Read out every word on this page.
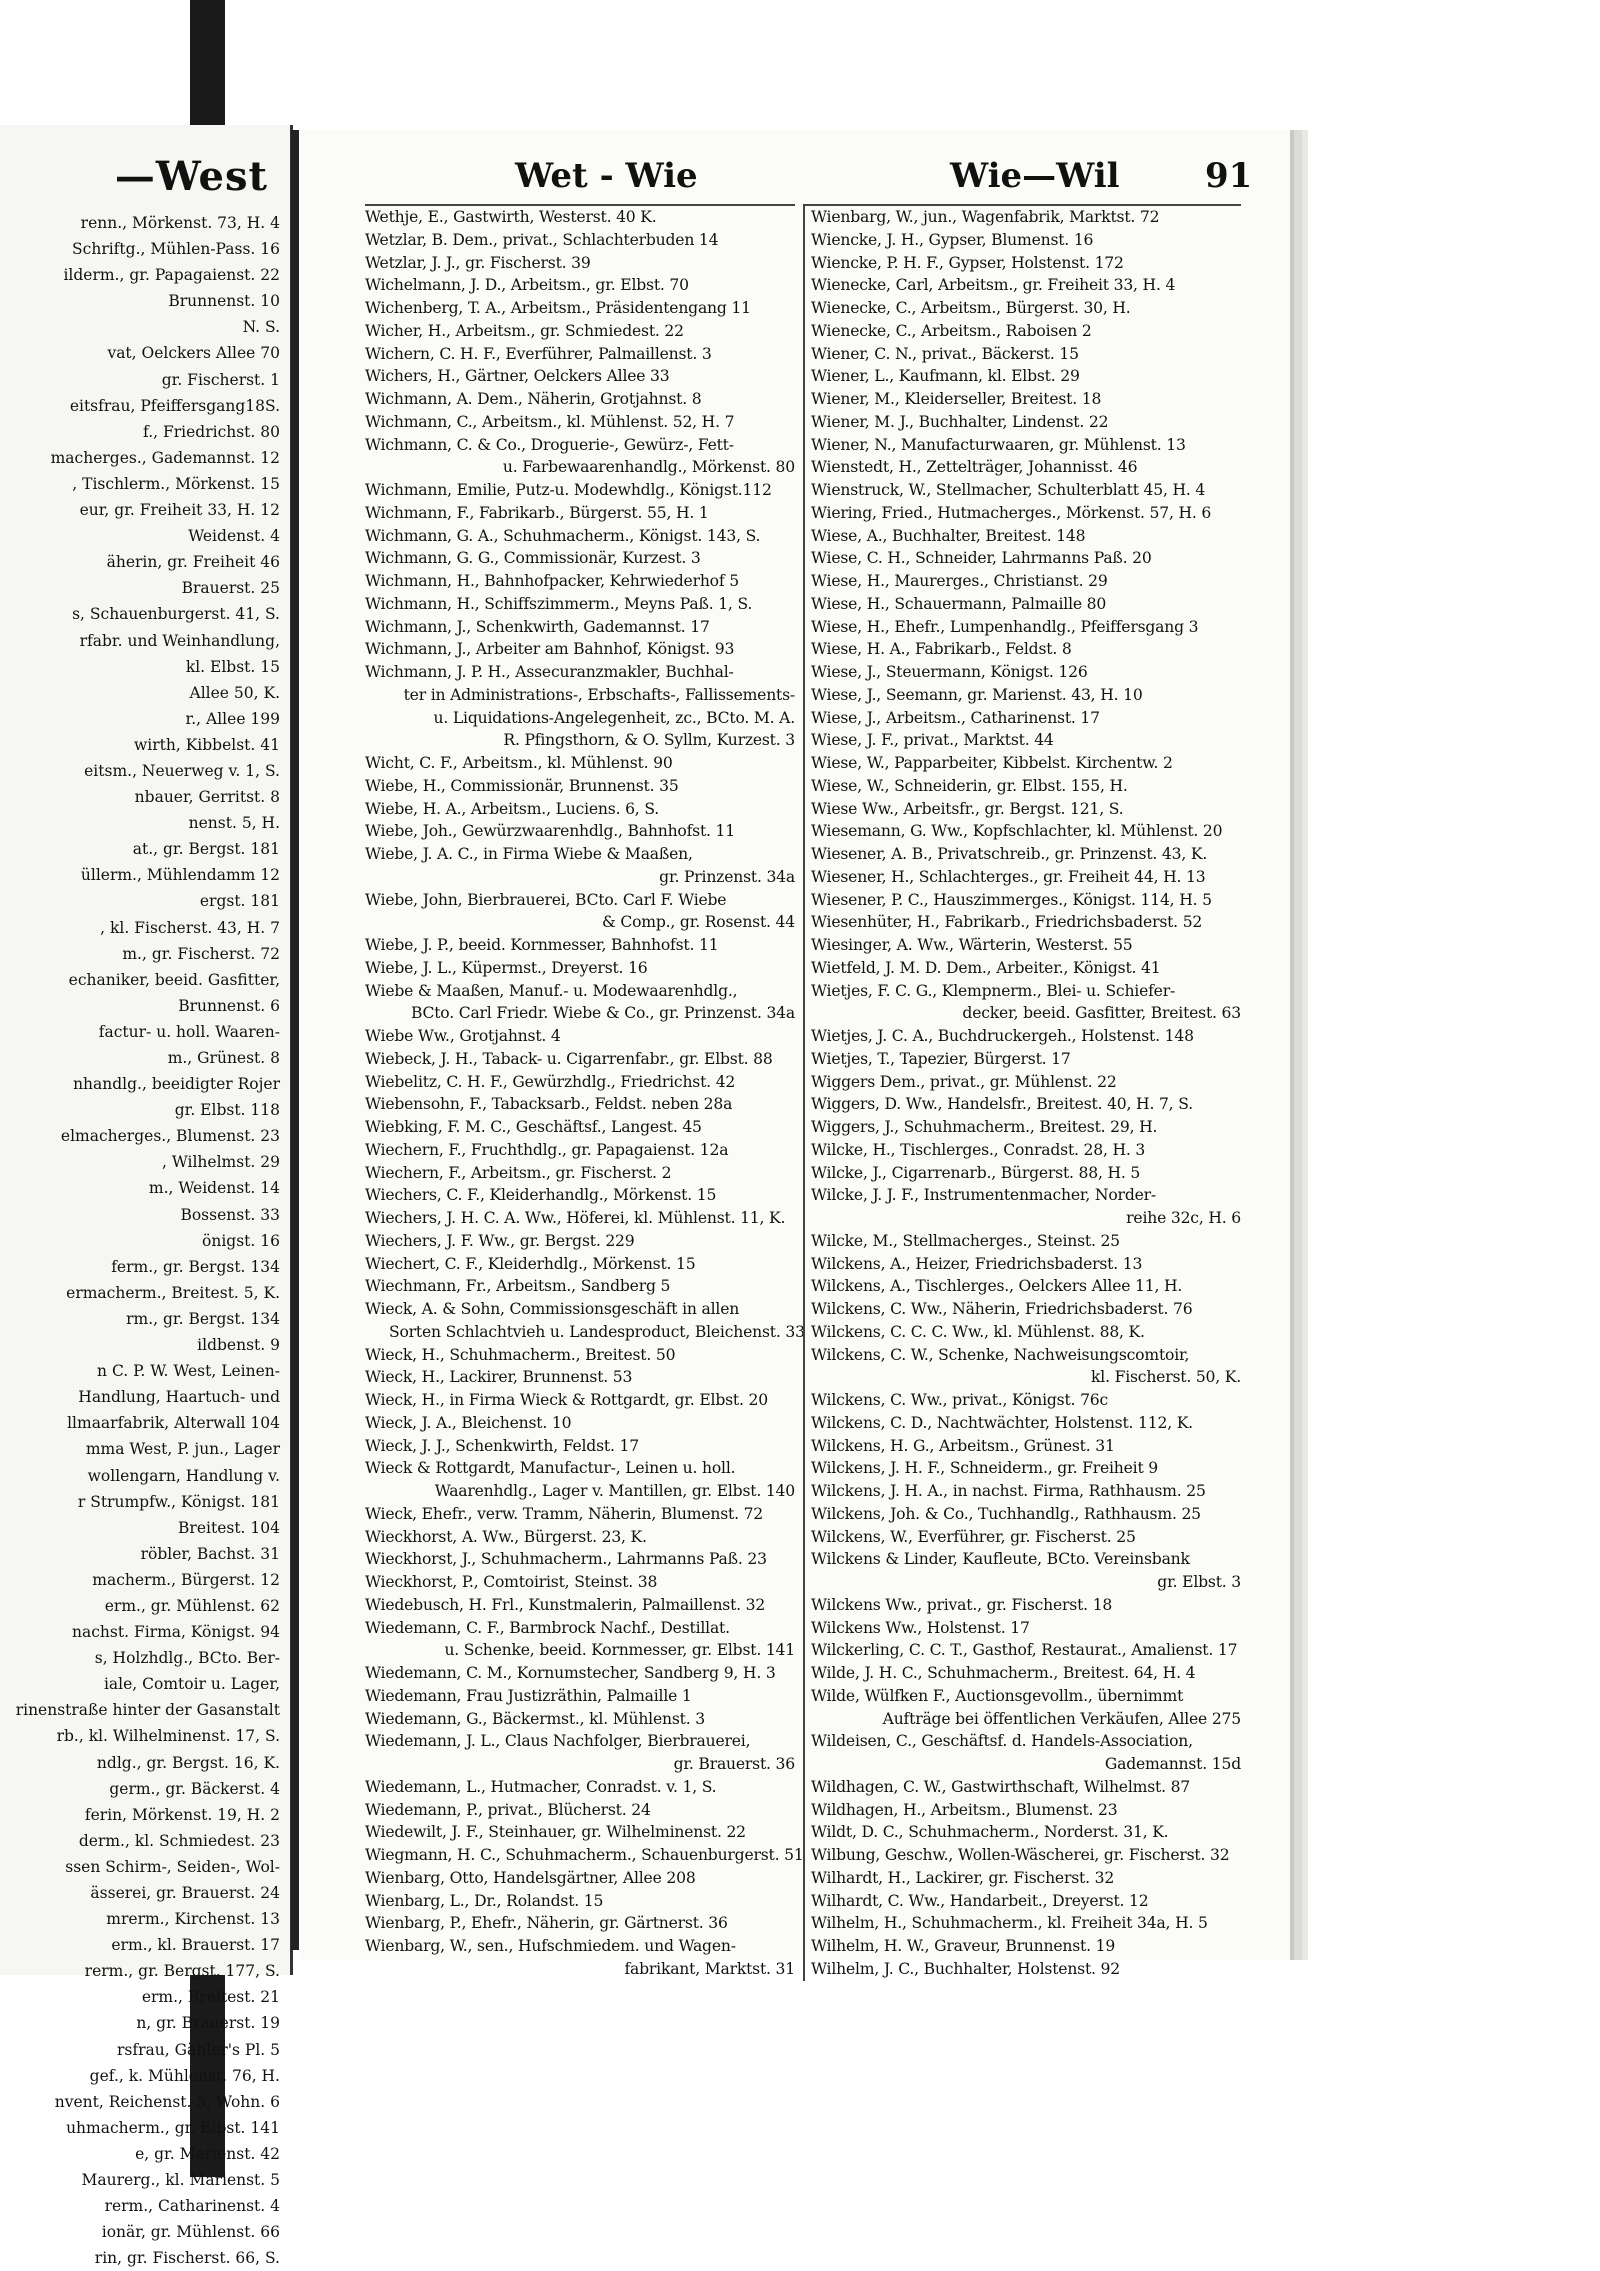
—West
renn., Mörkenst. 73, H. 4
Schriftg., Mühlen-Pass. 16
ilderm., gr. Papagaienst. 22
Brunnenst. 10
N. S.
vat, Oelckers Allee 70
gr. Fischerst. 1
eitsfrau, Pfeiffersgang18S.
f., Friedrichst. 80
macherges., Gademannst. 12
, Tischlerm., Mörkenst. 15
eur, gr. Freiheit 33, H. 12
Weidenst. 4
äherin, gr. Freiheit 46
Brauerst. 25
s, Schauenburgerst. 41, S.
rfabr. und Weinhandlung,
kl. Elbst. 15
Allee 50, K.
r., Allee 199
wirth, Kibbelst. 41
eitsm., Neuerweg v. 1, S.
nbauer, Gerritst. 8
nenst. 5, H.
at., gr. Bergst. 181
üllerm., Mühlendamm 12
ergst. 181
, kl. Fischerst. 43, H. 7
m., gr. Fischerst. 72
echaniker, beeid. Gasfitter,
Brunnenst. 6
factur- u. holl. Waaren-
m., Grünest. 8
nhandlg., beeidigter Rojer
gr. Elbst. 118
elmacherges., Blumenst. 23
, Wilhelmst. 29
m., Weidenst. 14
Bossenst. 33
önigst. 16
ferm., gr. Bergst. 134
ermacherm., Breitest. 5, K.
rm., gr. Bergst. 134
ildbenst. 9
n C. P. W. West, Leinen-
Handlung, Haartuch- und
llmaarfabrik, Alterwall 104
mma West, P. jun., Lager
wollengarn, Handlung v.
r Strumpfw., Königst. 181
Breitest. 104
röbler, Bachst. 31
macherm., Bürgerst. 12
erm., gr. Mühlenst. 62
nachst. Firma, Königst. 94
s, Holzhdlg., BCto. Ber-
iale, Comtoir u. Lager,
rinenstraße hinter der Gasanstalt
rb., kl. Wilhelminenst. 17, S.
ndlg., gr. Bergst. 16, K.
germ., gr. Bäckerst. 4
ferin, Mörkenst. 19, H. 2
derm., kl. Schmiedest. 23
ssen Schirm-, Seiden-, Wol-
ässerei, gr. Brauerst. 24
mrerm., Kirchenst. 13
erm., kl. Brauerst. 17
rerm., gr. Bergst. 177, S.
erm., Breitest. 21
n, gr. Brauerst. 19
rsfrau, Gähler's Pl. 5
gef., k. Mühlenst. 76, H.
nvent, Reichenst. 5, Wohn. 6
uhmacherm., gr. Elbst. 141
e, gr. Marienst. 42
Maurerg., kl. Marienst. 5
rerm., Catharinenst. 4
ionär, gr. Mühlenst. 66
rin, gr. Fischerst. 66, S.
Wet - Wie	Wie—Wil	91
Wethje, E., Gastwirth, Westerst. 40 K.
Wetzlar, B. Dem., privat., Schlachterbuden 14
Wetzlar, J. J., gr. Fischerst. 39
Wichelmann, J. D., Arbeitsm., gr. Elbst. 70
Wichenberg, T. A., Arbeitsm., Präsidentengang 11
Wicher, H., Arbeitsm., gr. Schmiedest. 22
Wichern, C. H. F., Everführer, Palmaillenst. 3
Wichers, H., Gärtner, Oelckers Allee 33
Wichmann, A. Dem., Näherin, Grotjahnst. 8
Wichmann, C., Arbeitsm., kl. Mühlenst. 52, H. 7
Wichmann, C. & Co., Droguerie-, Gewürz-, Fett-
u. Farbewaarenhandlg., Mörkenst. 80
Wichmann, Emilie, Putz-u. Modewhdlg., Königst.112
Wichmann, F., Fabrikarb., Bürgerst. 55, H. 1
Wichmann, G. A., Schuhmacherm., Königst. 143, S.
Wichmann, G. G., Commissionär, Kurzest. 3
Wichmann, H., Bahnhofpacker, Kehrwiederhof 5
Wichmann, H., Schiffszimmerm., Meyns Paß. 1, S.
Wichmann, J., Schenkwirth, Gademannst. 17
Wichmann, J., Arbeiter am Bahnhof, Königst. 93
Wichmann, J. P. H., Assecuranzmakler, Buchhal-
ter in Administrations-, Erbschafts-, Fallissements-
u. Liquidations-Angelegenheit, zc., BCto. M. A.
R. Pfingsthorn, & O. Syllm, Kurzest. 3
Wicht, C. F., Arbeitsm., kl. Mühlenst. 90
Wiebe, H., Commissionär, Brunnenst. 35
Wiebe, H. A., Arbeitsm., Luciens. 6, S.
Wiebe, Joh., Gewürzwaarenhdlg., Bahnhofst. 11
Wiebe, J. A. C., in Firma Wiebe & Maaßen,
gr. Prinzenst. 34a
Wiebe, John, Bierbrauerei, BCto. Carl F. Wiebe
& Comp., gr. Rosenst. 44
Wiebe, J. P., beeid. Kornmesser, Bahnhofst. 11
Wiebe, J. L., Küpermst., Dreyerst. 16
Wiebe & Maaßen, Manuf.- u. Modewaarenhdlg.,
BCto. Carl Friedr. Wiebe & Co., gr. Prinzenst. 34a
Wiebe Ww., Grotjahnst. 4
Wiebeck, J. H., Taback- u. Cigarrenfabr., gr. Elbst. 88
Wiebelitz, C. H. F., Gewürzhdlg., Friedrichst. 42
Wiebensohn, F., Tabacksarb., Feldst. neben 28a
Wiebking, F. M. C., Geschäftsf., Langest. 45
Wiechern, F., Fruchthdlg., gr. Papagaienst. 12a
Wiechern, F., Arbeitsm., gr. Fischerst. 2
Wiechers, C. F., Kleiderhandlg., Mörkenst. 15
Wiechers, J. H. C. A. Ww., Höferei, kl. Mühlenst. 11, K.
Wiechers, J. F. Ww., gr. Bergst. 229
Wiechert, C. F., Kleiderhdlg., Mörkenst. 15
Wiechmann, Fr., Arbeitsm., Sandberg 5
Wieck, A. & Sohn, Commissionsgeschäft in allen
Sorten Schlachtvieh u. Landesproduct, Bleichenst. 33
Wieck, H., Schuhmacherm., Breitest. 50
Wieck, H., Lackirer, Brunnenst. 53
Wieck, H., in Firma Wieck & Rottgardt, gr. Elbst. 20
Wieck, J. A., Bleichenst. 10
Wieck, J. J., Schenkwirth, Feldst. 17
Wieck & Rottgardt, Manufactur-, Leinen u. holl.
Waarenhdlg., Lager v. Mantillen, gr. Elbst. 140
Wieck, Ehefr., verw. Tramm, Näherin, Blumenst. 72
Wieckhorst, A. Ww., Bürgerst. 23, K.
Wieckhorst, J., Schuhmacherm., Lahrmanns Paß. 23
Wieckhorst, P., Comtoirist, Steinst. 38
Wiedebusch, H. Frl., Kunstmalerin, Palmaillenst. 32
Wiedemann, C. F., Barmbrock Nachf., Destillat.
u. Schenke, beeid. Kornmesser, gr. Elbst. 141
Wiedemann, C. M., Kornumstecher, Sandberg 9, H. 3
Wiedemann, Frau Justizräthin, Palmaille 1
Wiedemann, G., Bäckermst., kl. Mühlenst. 3
Wiedemann, J. L., Claus Nachfolger, Bierbrauerei,
gr. Brauerst. 36
Wiedemann, L., Hutmacher, Conradst. v. 1, S.
Wiedemann, P., privat., Blücherst. 24
Wiedewilt, J. F., Steinhauer, gr. Wilhelminenst. 22
Wiegmann, H. C., Schuhmacherm., Schauenburgerst. 51
Wienbarg, Otto, Handelsgärtner, Allee 208
Wienbarg, L., Dr., Rolandst. 15
Wienbarg, P., Ehefr., Näherin, gr. Gärtnerst. 36
Wienbarg, W., sen., Hufschmiedem. und Wagen-
fabrikant, Marktst. 31
Wienbarg, W., jun., Wagenfabrik, Marktst. 72
Wiencke, J. H., Gypser, Blumenst. 16
Wiencke, P. H. F., Gypser, Holstenst. 172
Wienecke, Carl, Arbeitsm., gr. Freiheit 33, H. 4
Wienecke, C., Arbeitsm., Bürgerst. 30, H.
Wienecke, C., Arbeitsm., Raboisen 2
Wiener, C. N., privat., Bäckerst. 15
Wiener, L., Kaufmann, kl. Elbst. 29
Wiener, M., Kleiderseller, Breitest. 18
Wiener, M. J., Buchhalter, Lindenst. 22
Wiener, N., Manufacturwaaren, gr. Mühlenst. 13
Wienstedt, H., Zettelträger, Johannisst. 46
Wienstruck, W., Stellmacher, Schulterblatt 45, H. 4
Wiering, Fried., Hutmacherges., Mörkenst. 57, H. 6
Wiese, A., Buchhalter, Breitest. 148
Wiese, C. H., Schneider, Lahrmanns Paß. 20
Wiese, H., Maurerges., Christianst. 29
Wiese, H., Schauermann, Palmaille 80
Wiese, H., Ehefr., Lumpenhandlg., Pfeiffersgang 3
Wiese, H. A., Fabrikarb., Feldst. 8
Wiese, J., Steuermann, Königst. 126
Wiese, J., Seemann, gr. Marienst. 43, H. 10
Wiese, J., Arbeitsm., Catharinenst. 17
Wiese, J. F., privat., Marktst. 44
Wiese, W., Papparbeiter, Kibbelst. Kirchentw. 2
Wiese, W., Schneiderin, gr. Elbst. 155, H.
Wiese Ww., Arbeitsfr., gr. Bergst. 121, S.
Wiesemann, G. Ww., Kopfschlachter, kl. Mühlenst. 20
Wiesener, A. B., Privatschreib., gr. Prinzenst. 43, K.
Wiesener, H., Schlachterges., gr. Freiheit 44, H. 13
Wiesener, P. C., Hauszimmerges., Königst. 114, H. 5
Wiesenhüter, H., Fabrikarb., Friedrichsbaderst. 52
Wiesinger, A. Ww., Wärterin, Westerst. 55
Wietfeld, J. M. D. Dem., Arbeiter., Königst. 41
Wietjes, F. C. G., Klempnerm., Blei- u. Schiefer-
decker, beeid. Gasfitter, Breitest. 63
Wietjes, J. C. A., Buchdruckergeh., Holstenst. 148
Wietjes, T., Tapezier, Bürgerst. 17
Wiggers Dem., privat., gr. Mühlenst. 22
Wiggers, D. Ww., Handelsfr., Breitest. 40, H. 7, S.
Wiggers, J., Schuhmacherm., Breitest. 29, H.
Wilcke, H., Tischlerges., Conradst. 28, H. 3
Wilcke, J., Cigarrenarb., Bürgerst. 88, H. 5
Wilcke, J. J. F., Instrumentenmacher, Norder-
reihe 32c, H. 6
Wilcke, M., Stellmacherges., Steinst. 25
Wilckens, A., Heizer, Friedrichsbaderst. 13
Wilckens, A., Tischlerges., Oelckers Allee 11, H.
Wilckens, C. Ww., Näherin, Friedrichsbaderst. 76
Wilckens, C. C. C. Ww., kl. Mühlenst. 88, K.
Wilckens, C. W., Schenke, Nachweisungscomtoir,
kl. Fischerst. 50, K.
Wilckens, C. Ww., privat., Königst. 76c
Wilckens, C. D., Nachtwächter, Holstenst. 112, K.
Wilckens, H. G., Arbeitsm., Grünest. 31
Wilckens, J. H. F., Schneiderm., gr. Freiheit 9
Wilckens, J. H. A., in nachst. Firma, Rathhausm. 25
Wilckens, Joh. & Co., Tuchhandlg., Rathhausm. 25
Wilckens, W., Everführer, gr. Fischerst. 25
Wilckens & Linder, Kaufleute, BCto. Vereinsbank
gr. Elbst. 3
Wilckens Ww., privat., gr. Fischerst. 18
Wilckens Ww., Holstenst. 17
Wilckerling, C. C. T., Gasthof, Restaurat., Amalienst. 17
Wilde, J. H. C., Schuhmacherm., Breitest. 64, H. 4
Wilde, Wülfken F., Auctionsgevollm., übernimmt
Aufträge bei öffentlichen Verkäufen, Allee 275
Wildeisen, C., Geschäftsf. d. Handels-Association,
Gademannst. 15d
Wildhagen, C. W., Gastwirthschaft, Wilhelmst. 87
Wildhagen, H., Arbeitsm., Blumenst. 23
Wildt, D. C., Schuhmacherm., Norderst. 31, K.
Wilbung, Geschw., Wollen-Wäscherei, gr. Fischerst. 32
Wilhardt, H., Lackirer, gr. Fischerst. 32
Wilhardt, C. Ww., Handarbeit., Dreyerst. 12
Wilhelm, H., Schuhmacherm., kl. Freiheit 34a, H. 5
Wilhelm, H. W., Graveur, Brunnenst. 19
Wilhelm, J. C., Buchhalter, Holstenst. 92
